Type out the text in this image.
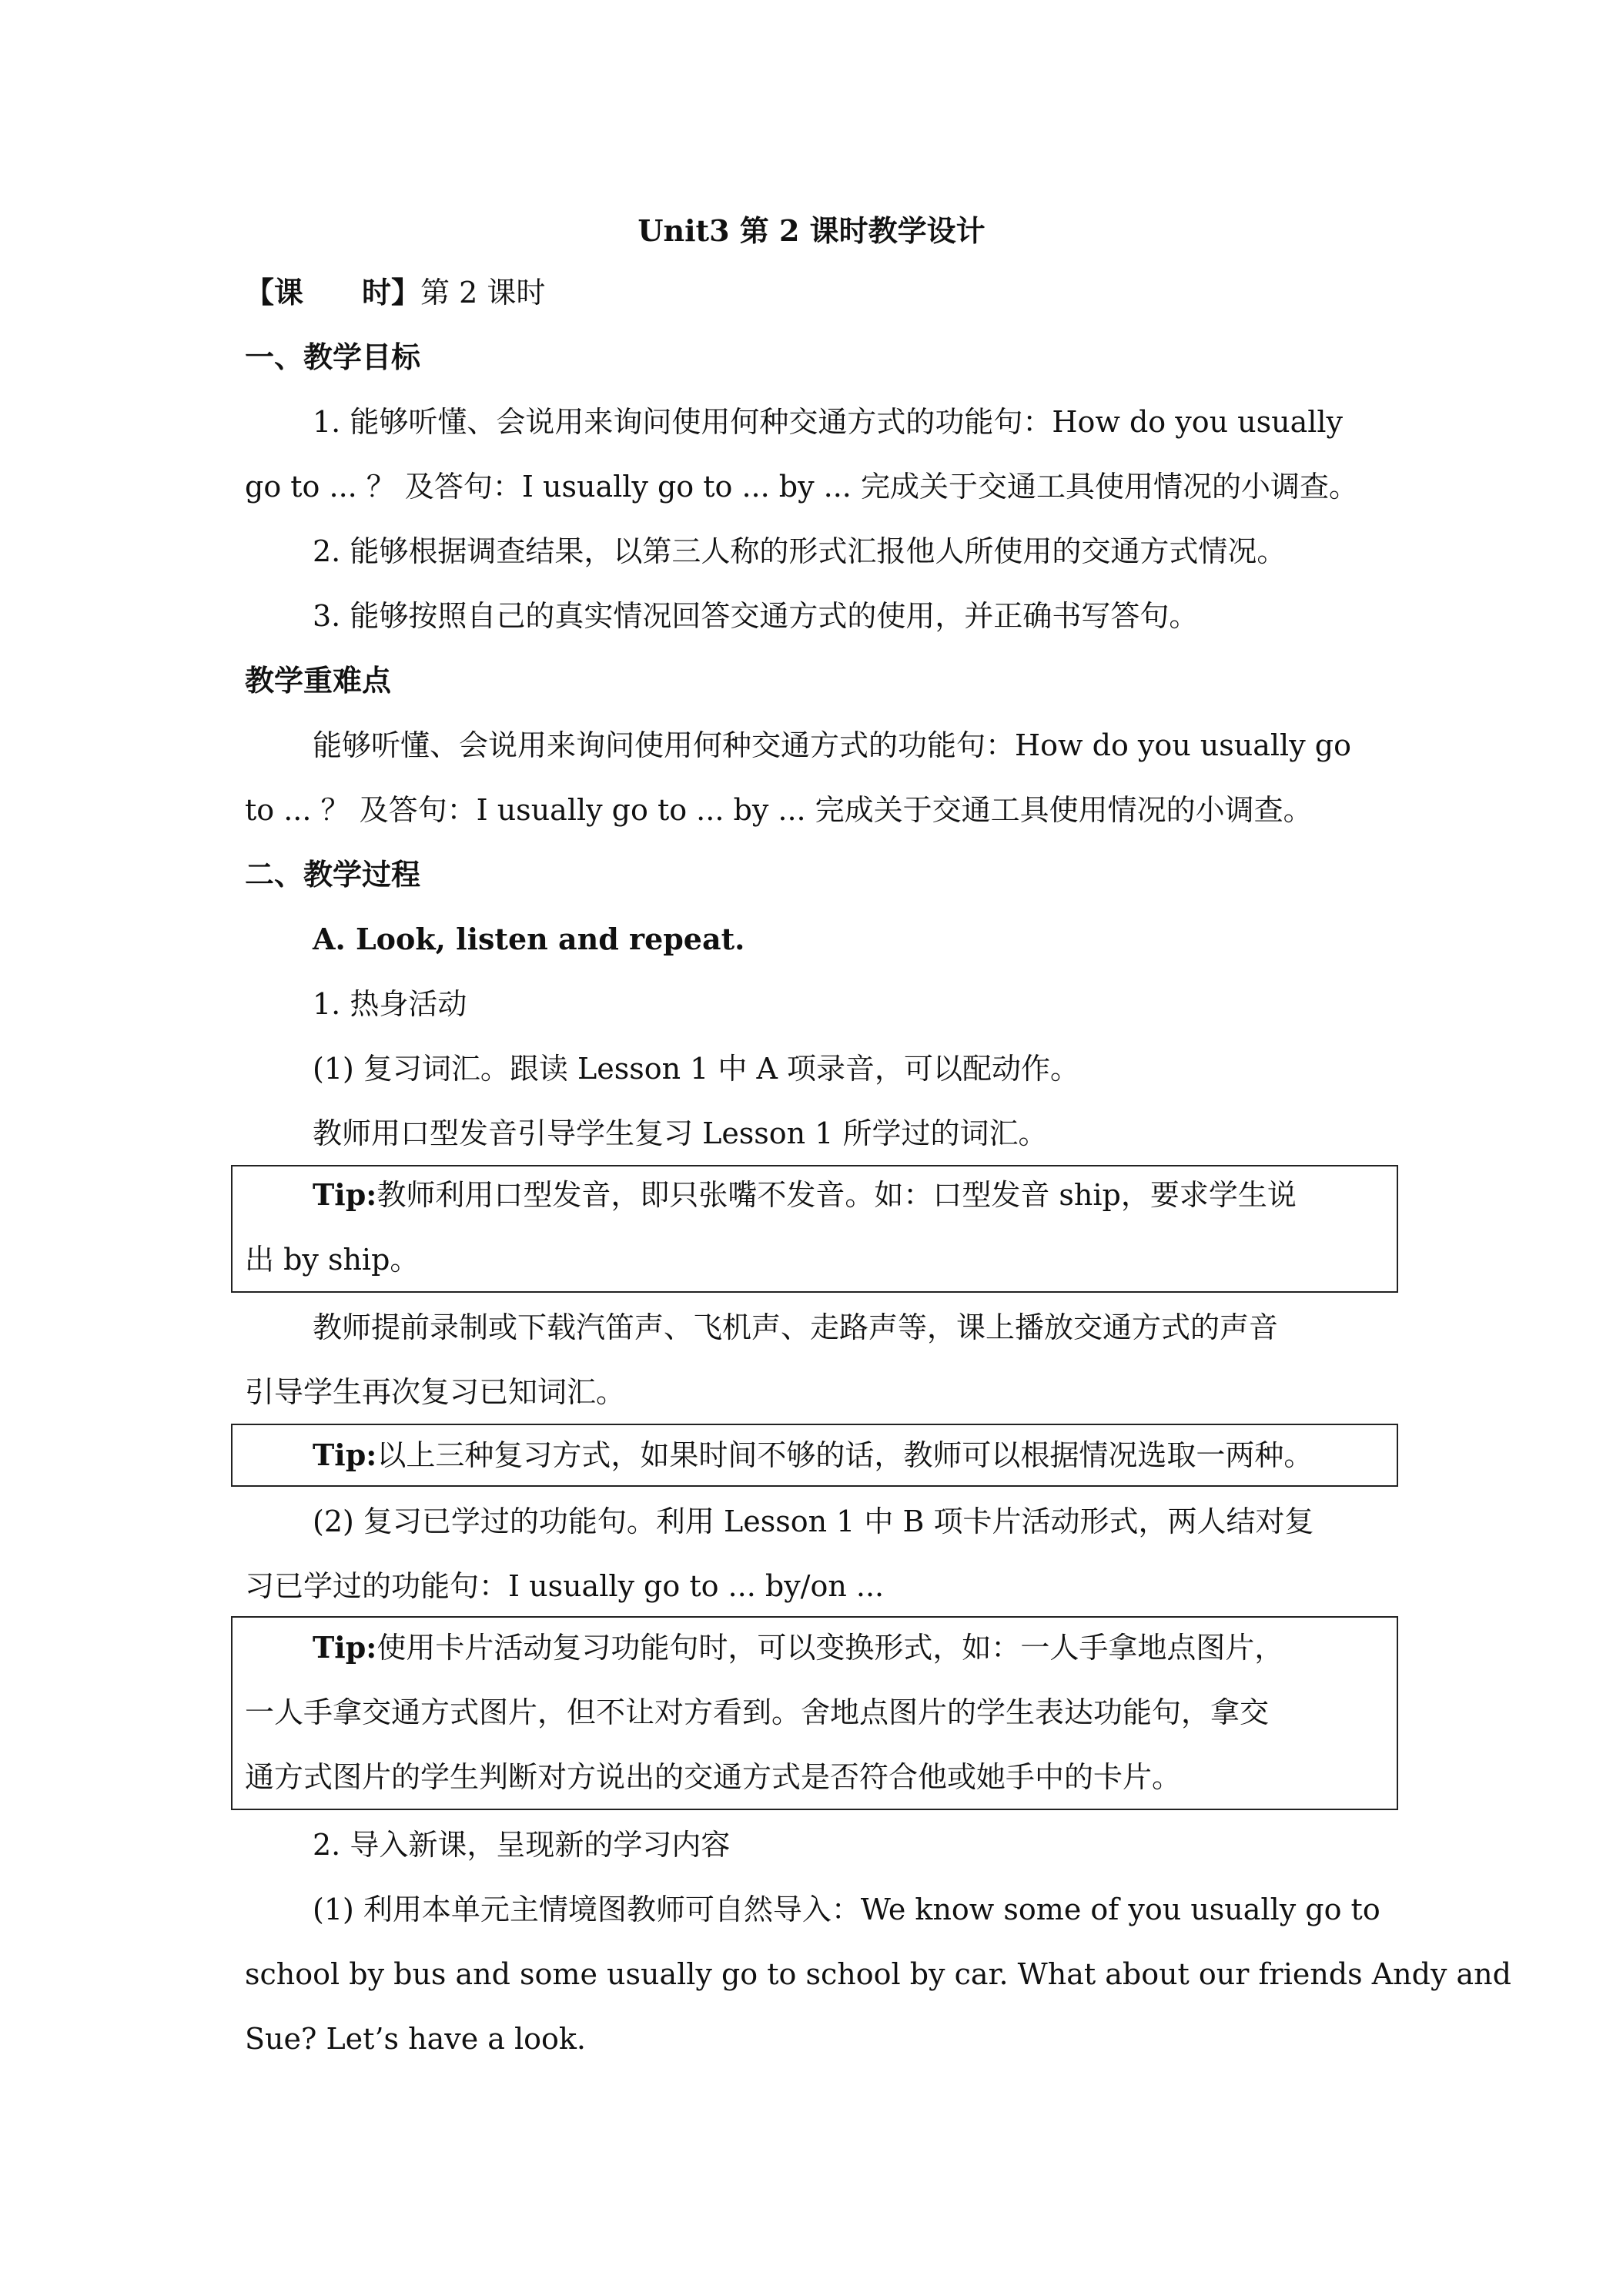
Unit3 第 2 课时教学设计
【课　　时】第 2 课时
一、教学目标
1. 能够听懂、会说用来询问使用何种交通方式的功能句：How do you usually
go to ... ？ 及答句：I usually go to ... by ... 完成关于交通工具使用情况的小调查。
2. 能够根据调查结果，以第三人称的形式汇报他人所使用的交通方式情况。
3. 能够按照自己的真实情况回答交通方式的使用，并正确书写答句。
教学重难点
能够听懂、会说用来询问使用何种交通方式的功能句：How do you usually go
to ... ？ 及答句：I usually go to ... by ... 完成关于交通工具使用情况的小调查。
二、教学过程
A. Look, listen and repeat.
1. 热身活动
(1) 复习词汇。跟读 Lesson 1 中 A 项录音，可以配动作。
教师用口型发音引导学生复习 Lesson 1 所学过的词汇。
Tip:教师利用口型发音，即只张嘴不发音。如：口型发音 ship，要求学生说
出 by ship。
教师提前录制或下载汽笛声、飞机声、走路声等，课上播放交通方式的声音
引导学生再次复习已知词汇。
Tip:以上三种复习方式，如果时间不够的话，教师可以根据情况选取一两种。
(2) 复习已学过的功能句。利用 Lesson 1 中 B 项卡片活动形式，两人结对复
习已学过的功能句：I usually go to ... by/on ...
Tip:使用卡片活动复习功能句时，可以变换形式，如：一人手拿地点图片，
一人手拿交通方式图片，但不让对方看到。舍地点图片的学生表达功能句，拿交
通方式图片的学生判断对方说出的交通方式是否符合他或她手中的卡片。
2. 导入新课，呈现新的学习内容
(1) 利用本单元主情境图教师可自然导入：We know some of you usually go to
school by bus and some usually go to school by car. What about our friends Andy and
Sue? Let’s have a look.
